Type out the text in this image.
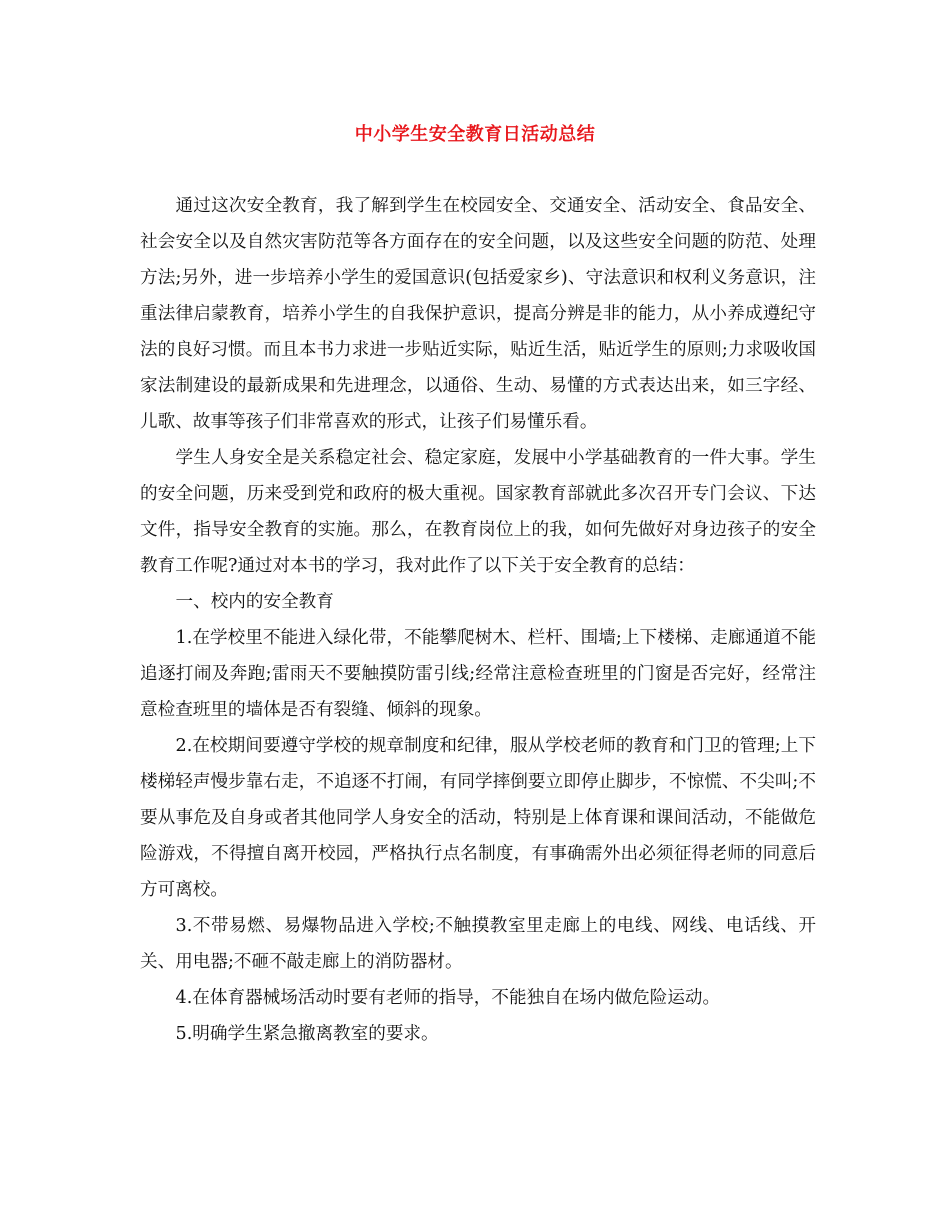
中小学生安全教育日活动总结

通过这次安全教育，我了解到学生在校园安全、交通安全、活动安全、食品安全、社会安全以及自然灾害防范等各方面存在的安全问题，以及这些安全问题的防范、处理方法;另外，进一步培养小学生的爱国意识(包括爱家乡)、守法意识和权利义务意识，注重法律启蒙教育，培养小学生的自我保护意识，提高分辨是非的能力，从小养成遵纪守法的良好习惯。而且本书力求进一步贴近实际，贴近生活，贴近学生的原则;力求吸收国家法制建设的最新成果和先进理念，以通俗、生动、易懂的方式表达出来，如三字经、儿歌、故事等孩子们非常喜欢的形式，让孩子们易懂乐看。

学生人身安全是关系稳定社会、稳定家庭，发展中小学基础教育的一件大事。学生的安全问题，历来受到党和政府的极大重视。国家教育部就此多次召开专门会议、下达文件，指导安全教育的实施。那么，在教育岗位上的我，如何先做好对身边孩子的安全教育工作呢?通过对本书的学习，我对此作了以下关于安全教育的总结：

一、校内的安全教育

1.在学校里不能进入绿化带，不能攀爬树木、栏杆、围墙;上下楼梯、走廊通道不能追逐打闹及奔跑;雷雨天不要触摸防雷引线;经常注意检查班里的门窗是否完好，经常注意检查班里的墙体是否有裂缝、倾斜的现象。

2.在校期间要遵守学校的规章制度和纪律，服从学校老师的教育和门卫的管理;上下楼梯轻声慢步靠右走，不追逐不打闹，有同学摔倒要立即停止脚步，不惊慌、不尖叫;不要从事危及自身或者其他同学人身安全的活动，特别是上体育课和课间活动，不能做危险游戏，不得擅自离开校园，严格执行点名制度，有事确需外出必须征得老师的同意后方可离校。

3.不带易燃、易爆物品进入学校;不触摸教室里走廊上的电线、网线、电话线、开关、用电器;不砸不敲走廊上的消防器材。

4.在体育器械场活动时要有老师的指导，不能独自在场内做危险运动。

5.明确学生紧急撤离教室的要求。
